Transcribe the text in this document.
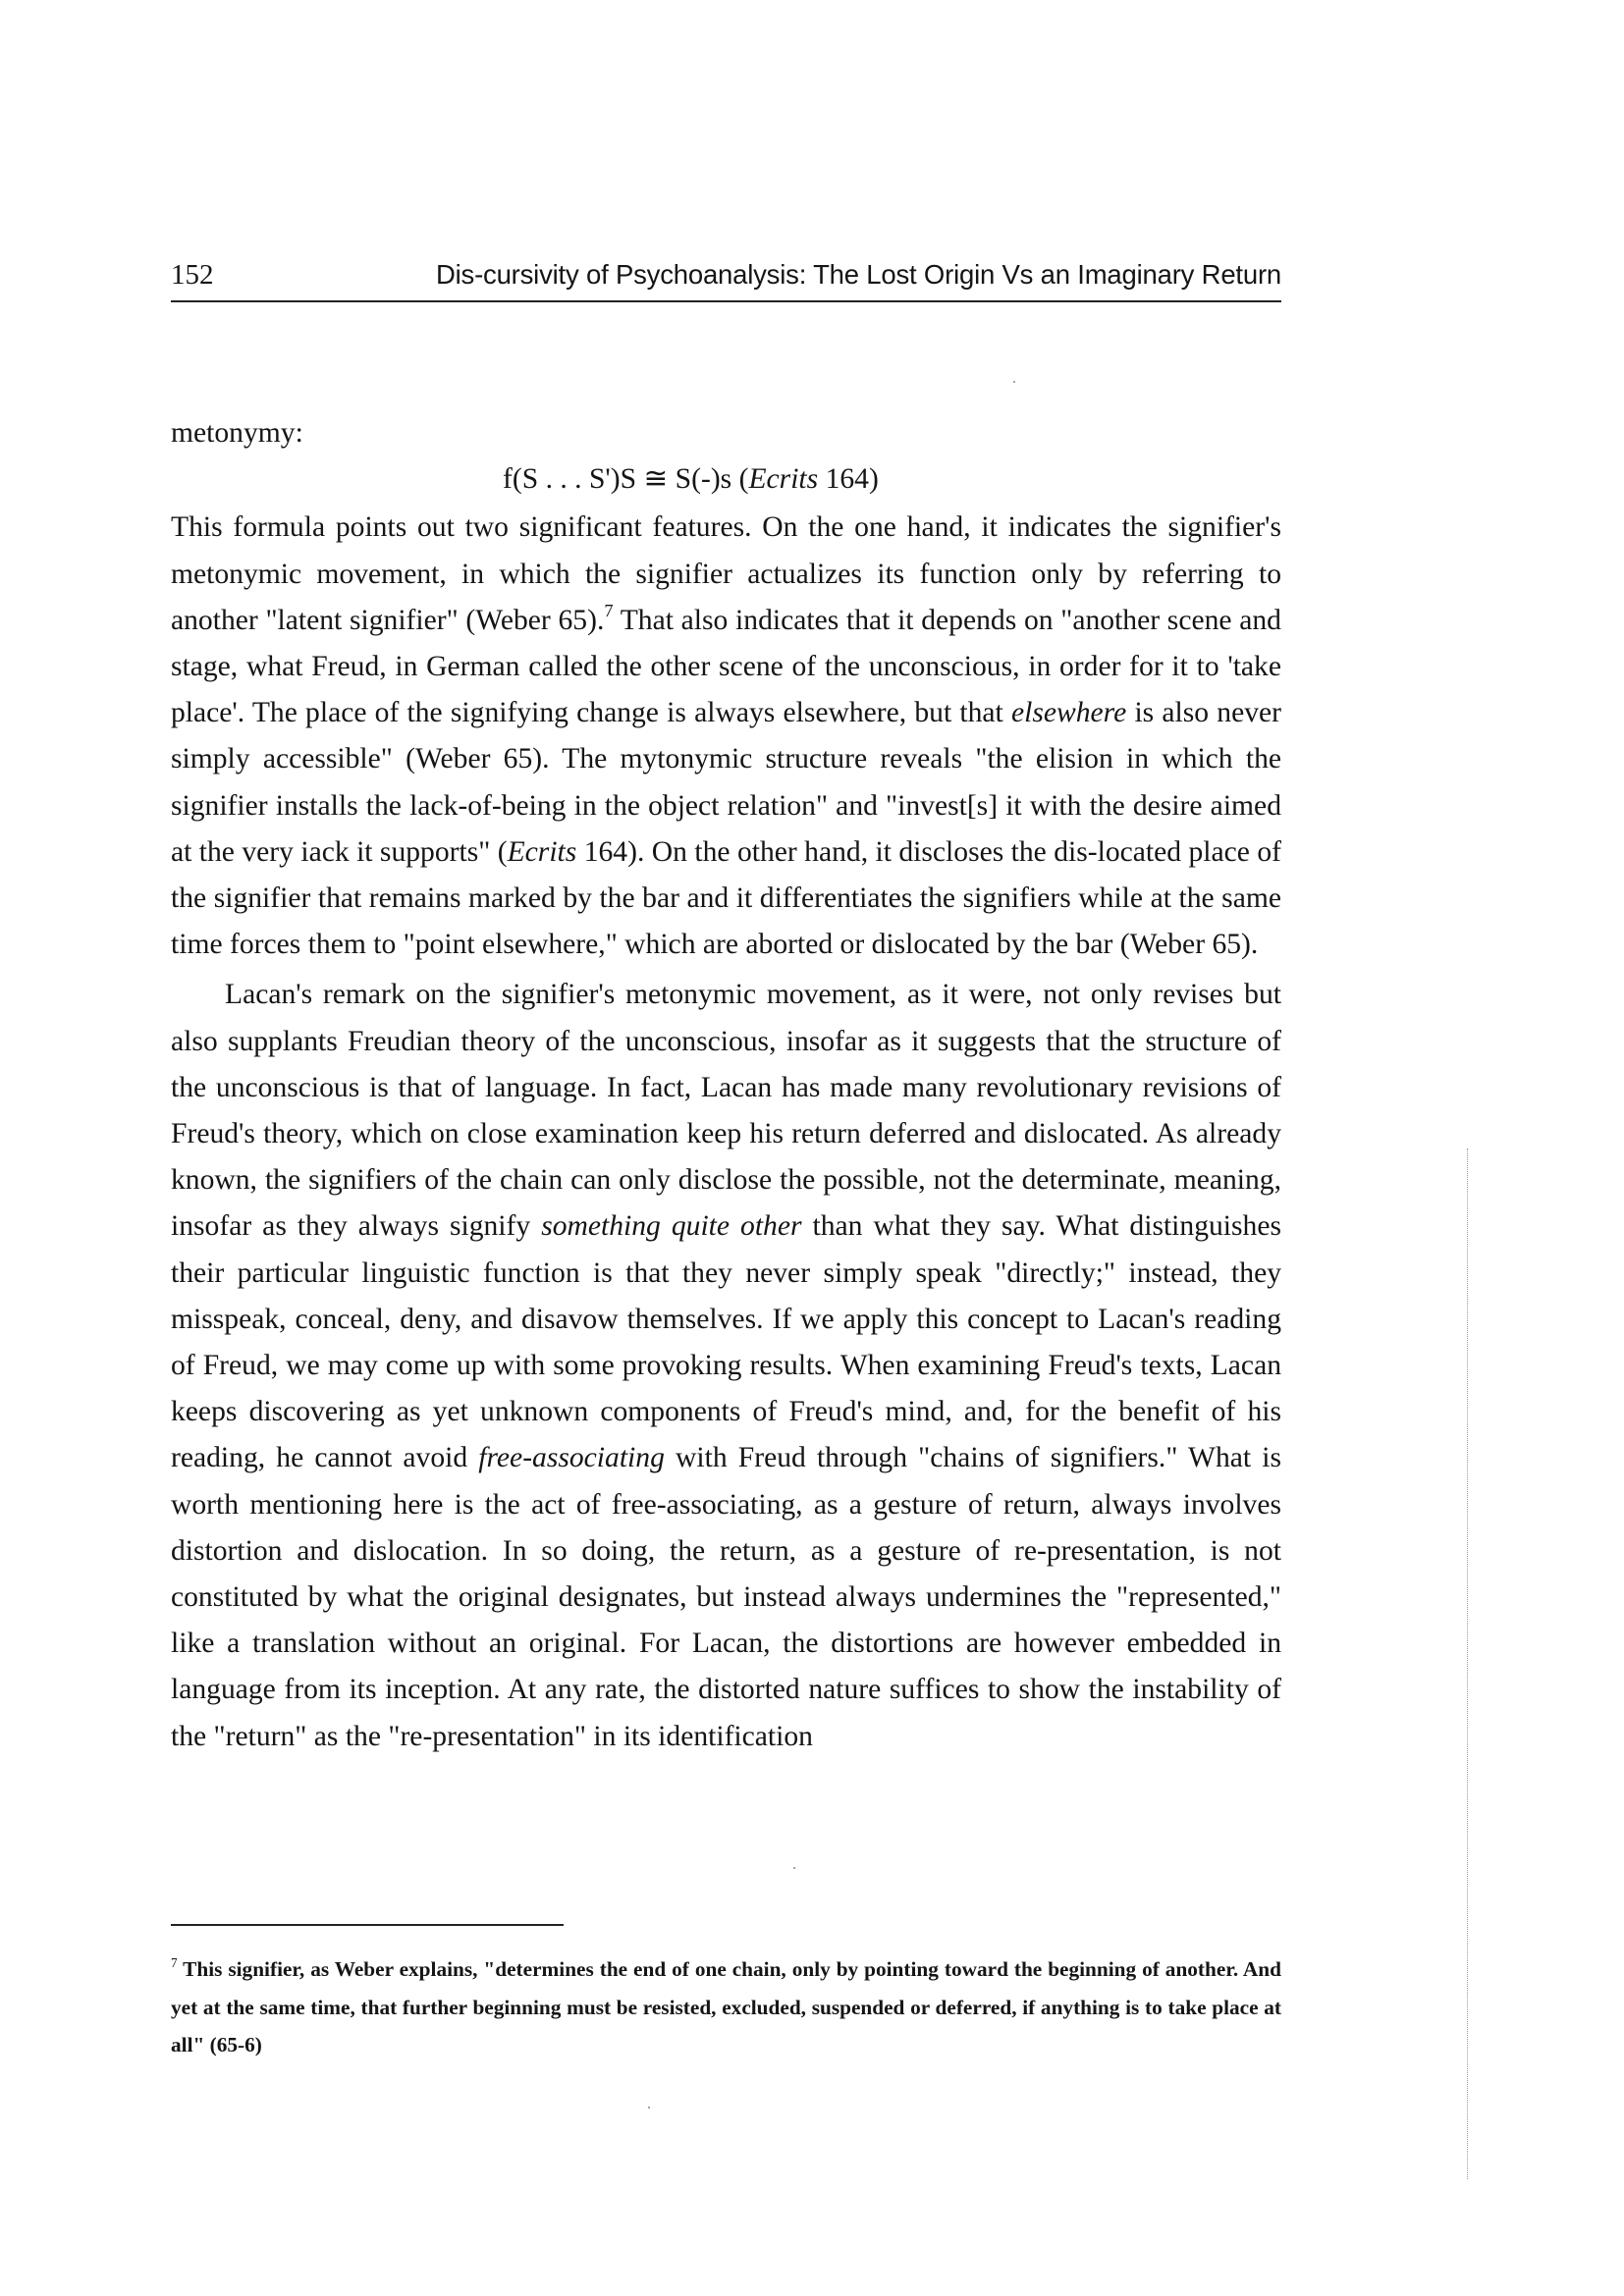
152	Dis-cursivity of Psychoanalysis: The Lost Origin Vs an Imaginary Return

metonymy:

f(S . . . S')S ≅ S(-)s (Ecrits 164)

This formula points out two significant features. On the one hand, it indicates the signifier's metonymic movement, in which the signifier actualizes its function only by referring to another "latent signifier" (Weber 65).$^7$ That also indicates that it depends on "another scene and stage, what Freud, in German called the other scene of the unconscious, in order for it to 'take place'. The place of the signifying change is always elsewhere, but that elsewhere is also never simply accessible" (Weber 65). The mytonymic structure reveals "the elision in which the signifier installs the lack-of-being in the object relation" and "invest[s] it with the desire aimed at the very iack it supports" (Ecrits 164). On the other hand, it discloses the dis-located place of the signifier that remains marked by the bar and it differentiates the signifiers while at the same time forces them to "point elsewhere," which are aborted or dislocated by the bar (Weber 65).

Lacan's remark on the signifier's metonymic movement, as it were, not only revises but also supplants Freudian theory of the unconscious, insofar as it suggests that the structure of the unconscious is that of language. In fact, Lacan has made many revolutionary revisions of Freud's theory, which on close examination keep his return deferred and dislocated. As already known, the signifiers of the chain can only disclose the possible, not the determinate, meaning, insofar as they always signify something quite other than what they say. What distinguishes their particular linguistic function is that they never simply speak "directly;" instead, they misspeak, conceal, deny, and disavow themselves. If we apply this concept to Lacan's reading of Freud, we may come up with some provoking results. When examining Freud's texts, Lacan keeps discovering as yet unknown components of Freud's mind, and, for the benefit of his reading, he cannot avoid free-associating with Freud through "chains of signifiers." What is worth mentioning here is the act of free-associating, as a gesture of return, always involves distortion and dislocation. In so doing, the return, as a gesture of re-presentation, is not constituted by what the original designates, but instead always undermines the "represented," like a translation without an original. For Lacan, the distortions are however embedded in language from its inception. At any rate, the distorted nature suffices to show the instability of the "return" as the "re-presentation" in its identification

$^7$ This signifier, as Weber explains, "determines the end of one chain, only by pointing toward the beginning of another. And yet at the same time, that further beginning must be resisted, excluded, suspended or deferred, if anything is to take place at all" (65-6)
